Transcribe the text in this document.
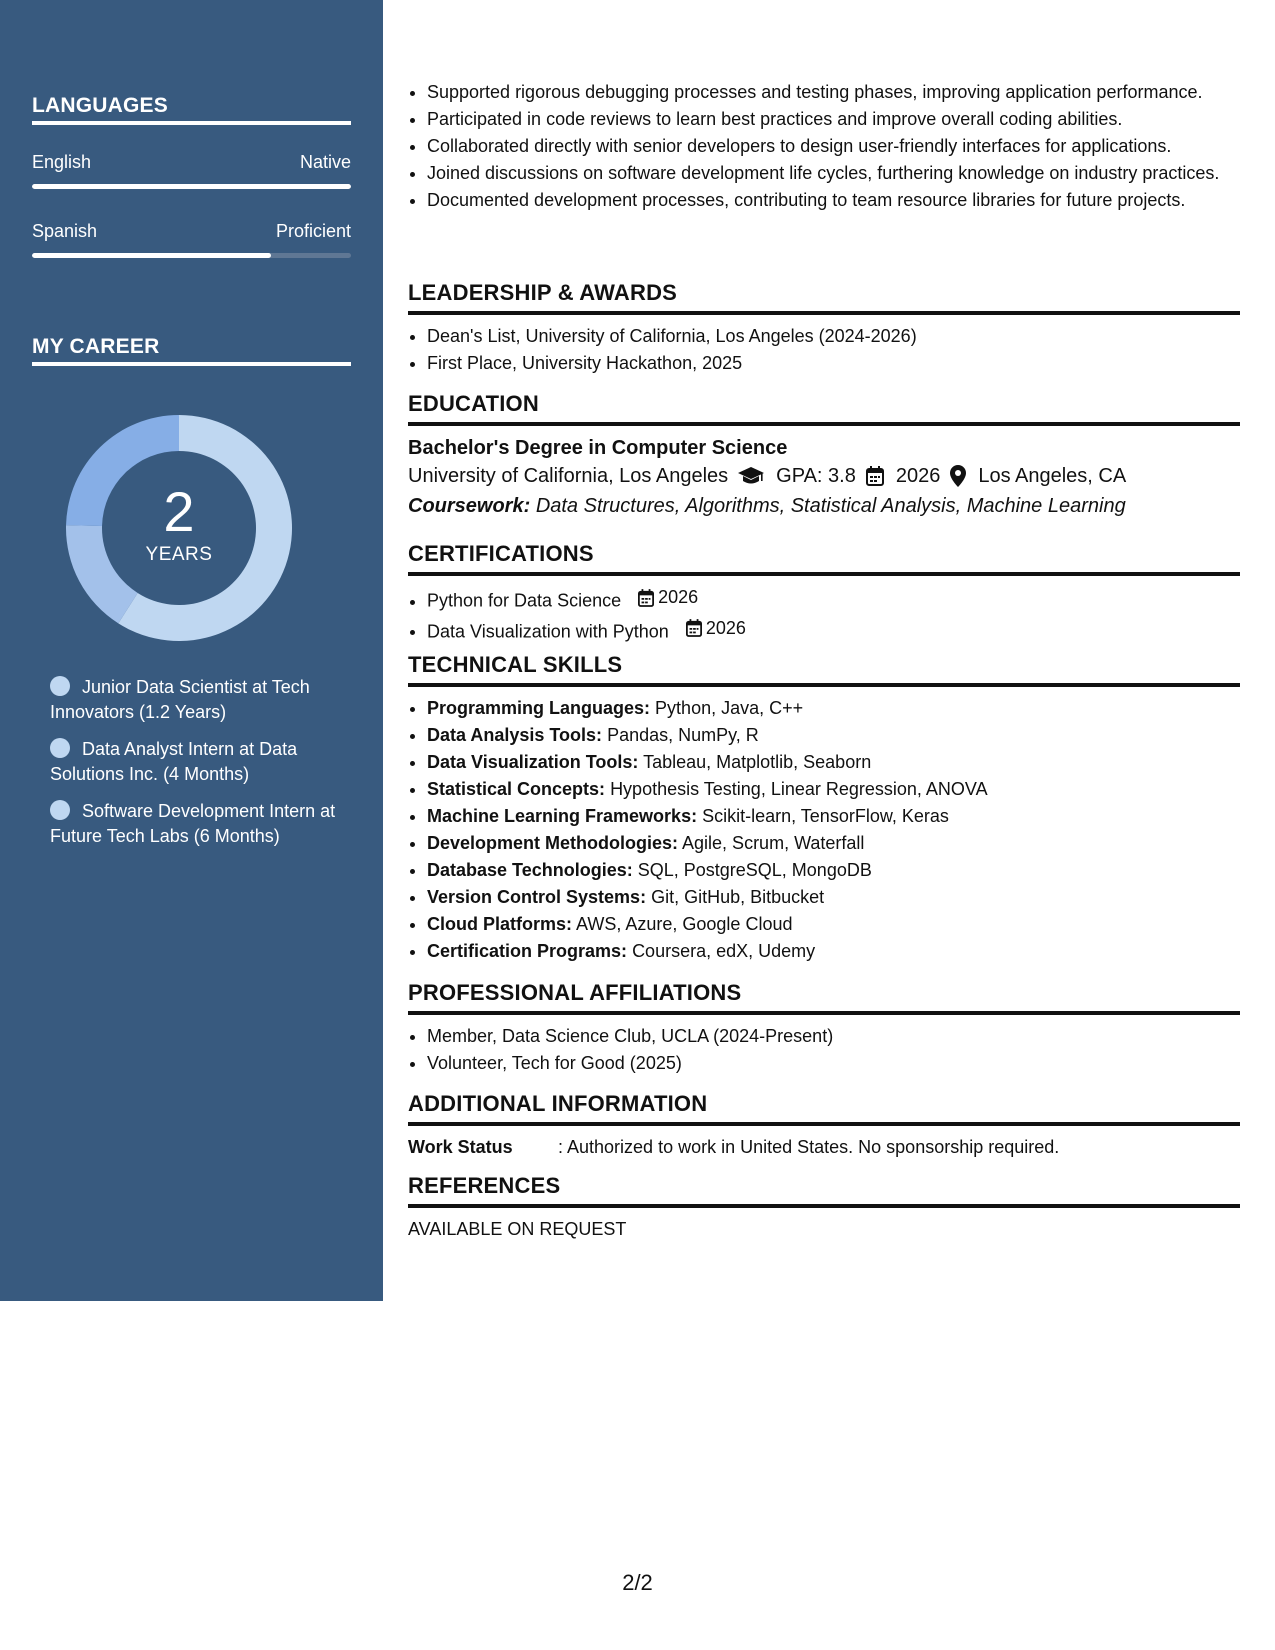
LANGUAGES
English	Native
Spanish	Proficient
MY CAREER
2
YEARS
Junior Data Scientist at Tech Innovators (1.2 Years)
Data Analyst Intern at Data Solutions Inc. (4 Months)
Software Development Intern at Future Tech Labs (6 Months)
• Supported rigorous debugging processes and testing phases, improving application performance.
• Participated in code reviews to learn best practices and improve overall coding abilities.
• Collaborated directly with senior developers to design user-friendly interfaces for applications.
• Joined discussions on software development life cycles, furthering knowledge on industry practices.
• Documented development processes, contributing to team resource libraries for future projects.
LEADERSHIP & AWARDS
• Dean's List, University of California, Los Angeles (2024-2026)
• First Place, University Hackathon, 2025
EDUCATION
Bachelor's Degree in Computer Science
University of California, Los Angeles GPA: 3.8 2026 Los Angeles, CA
Coursework: Data Structures, Algorithms, Statistical Analysis, Machine Learning
CERTIFICATIONS
• Python for Data Science 2026
• Data Visualization with Python 2026
TECHNICAL SKILLS
• Programming Languages: Python, Java, C++
• Data Analysis Tools: Pandas, NumPy, R
• Data Visualization Tools: Tableau, Matplotlib, Seaborn
• Statistical Concepts: Hypothesis Testing, Linear Regression, ANOVA
• Machine Learning Frameworks: Scikit-learn, TensorFlow, Keras
• Development Methodologies: Agile, Scrum, Waterfall
• Database Technologies: SQL, PostgreSQL, MongoDB
• Version Control Systems: Git, GitHub, Bitbucket
• Cloud Platforms: AWS, Azure, Google Cloud
• Certification Programs: Coursera, edX, Udemy
PROFESSIONAL AFFILIATIONS
• Member, Data Science Club, UCLA (2024-Present)
• Volunteer, Tech for Good (2025)
ADDITIONAL INFORMATION
Work Status	: Authorized to work in United States. No sponsorship required.
REFERENCES
AVAILABLE ON REQUEST
2/2
